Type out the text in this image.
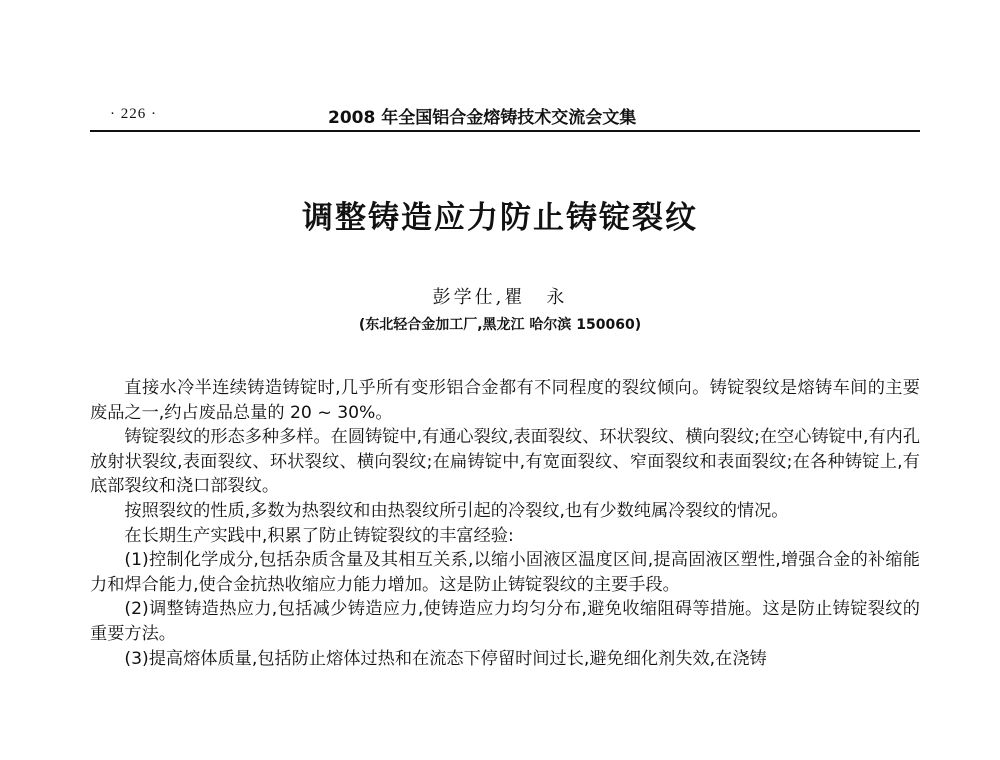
· 226 ·	2008 年全国铝合金熔铸技术交流会文集
调整铸造应力防止铸锭裂纹
彭学仕,瞿　永
(东北轻合金加工厂,黑龙江 哈尔滨 150060)

直接水冷半连续铸造铸锭时,几乎所有变形铝合金都有不同程度的裂纹倾向。铸锭裂纹是熔铸车间的主要废品之一,约占废品总量的 20 ~ 30%。

铸锭裂纹的形态多种多样。在圆铸锭中,有通心裂纹,表面裂纹、环状裂纹、横向裂纹;在空心铸锭中,有内孔放射状裂纹,表面裂纹、环状裂纹、横向裂纹;在扁铸锭中,有宽面裂纹、窄面裂纹和表面裂纹;在各种铸锭上,有底部裂纹和浇口部裂纹。

按照裂纹的性质,多数为热裂纹和由热裂纹所引起的冷裂纹,也有少数纯属冷裂纹的情况。

在长期生产实践中,积累了防止铸锭裂纹的丰富经验:

(1)控制化学成分,包括杂质含量及其相互关系,以缩小固液区温度区间,提高固液区塑性,增强合金的补缩能力和焊合能力,使合金抗热收缩应力能力增加。这是防止铸锭裂纹的主要手段。

(2)调整铸造热应力,包括减少铸造应力,使铸造应力均匀分布,避免收缩阻碍等措施。这是防止铸锭裂纹的重要方法。

(3)提高熔体质量,包括防止熔体过热和在流态下停留时间过长,避免细化剂失效,在浇铸
